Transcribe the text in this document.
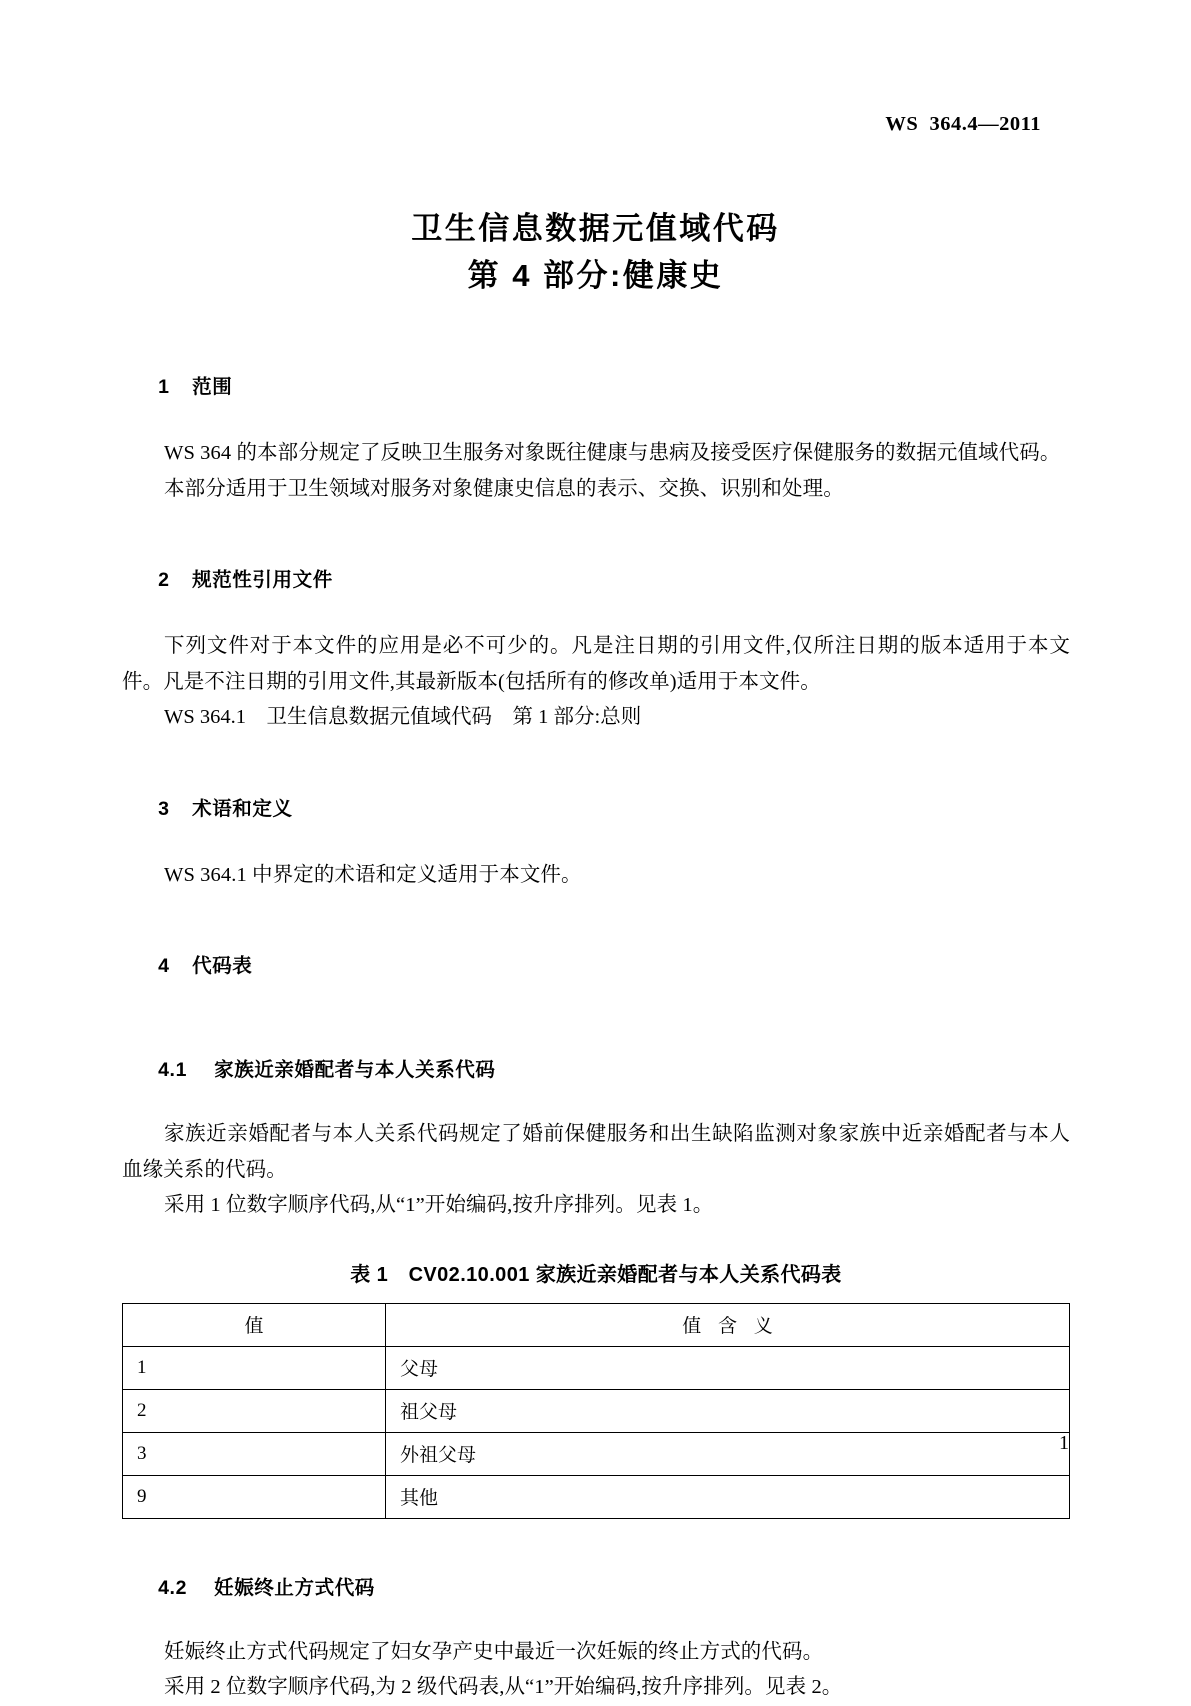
WS  364.4—2011
卫生信息数据元值域代码
第 4 部分:健康史

1 范围

WS 364 的本部分规定了反映卫生服务对象既往健康与患病及接受医疗保健服务的数据元值域代码。

本部分适用于卫生领域对服务对象健康史信息的表示、交换、识别和处理。

2 规范性引用文件

下列文件对于本文件的应用是必不可少的。凡是注日期的引用文件,仅所注日期的版本适用于本文件。凡是不注日期的引用文件,其最新版本(包括所有的修改单)适用于本文件。

WS 364.1　卫生信息数据元值域代码　第 1 部分:总则

3 术语和定义

WS 364.1 中界定的术语和定义适用于本文件。

4 代码表

4.1 家族近亲婚配者与本人关系代码

家族近亲婚配者与本人关系代码规定了婚前保健服务和出生缺陷监测对象家族中近亲婚配者与本人血缘关系的代码。

采用 1 位数字顺序代码,从“1”开始编码,按升序排列。见表 1。

表 1　CV02.10.001 家族近亲婚配者与本人关系代码表
值	值 含 义
1	父母
2	祖父母
3	外祖父母
9	其他

4.2 妊娠终止方式代码

妊娠终止方式代码规定了妇女孕产史中最近一次妊娠的终止方式的代码。

采用 2 位数字顺序代码,为 2 级代码表,从“1”开始编码,按升序排列。见表 2。

1
